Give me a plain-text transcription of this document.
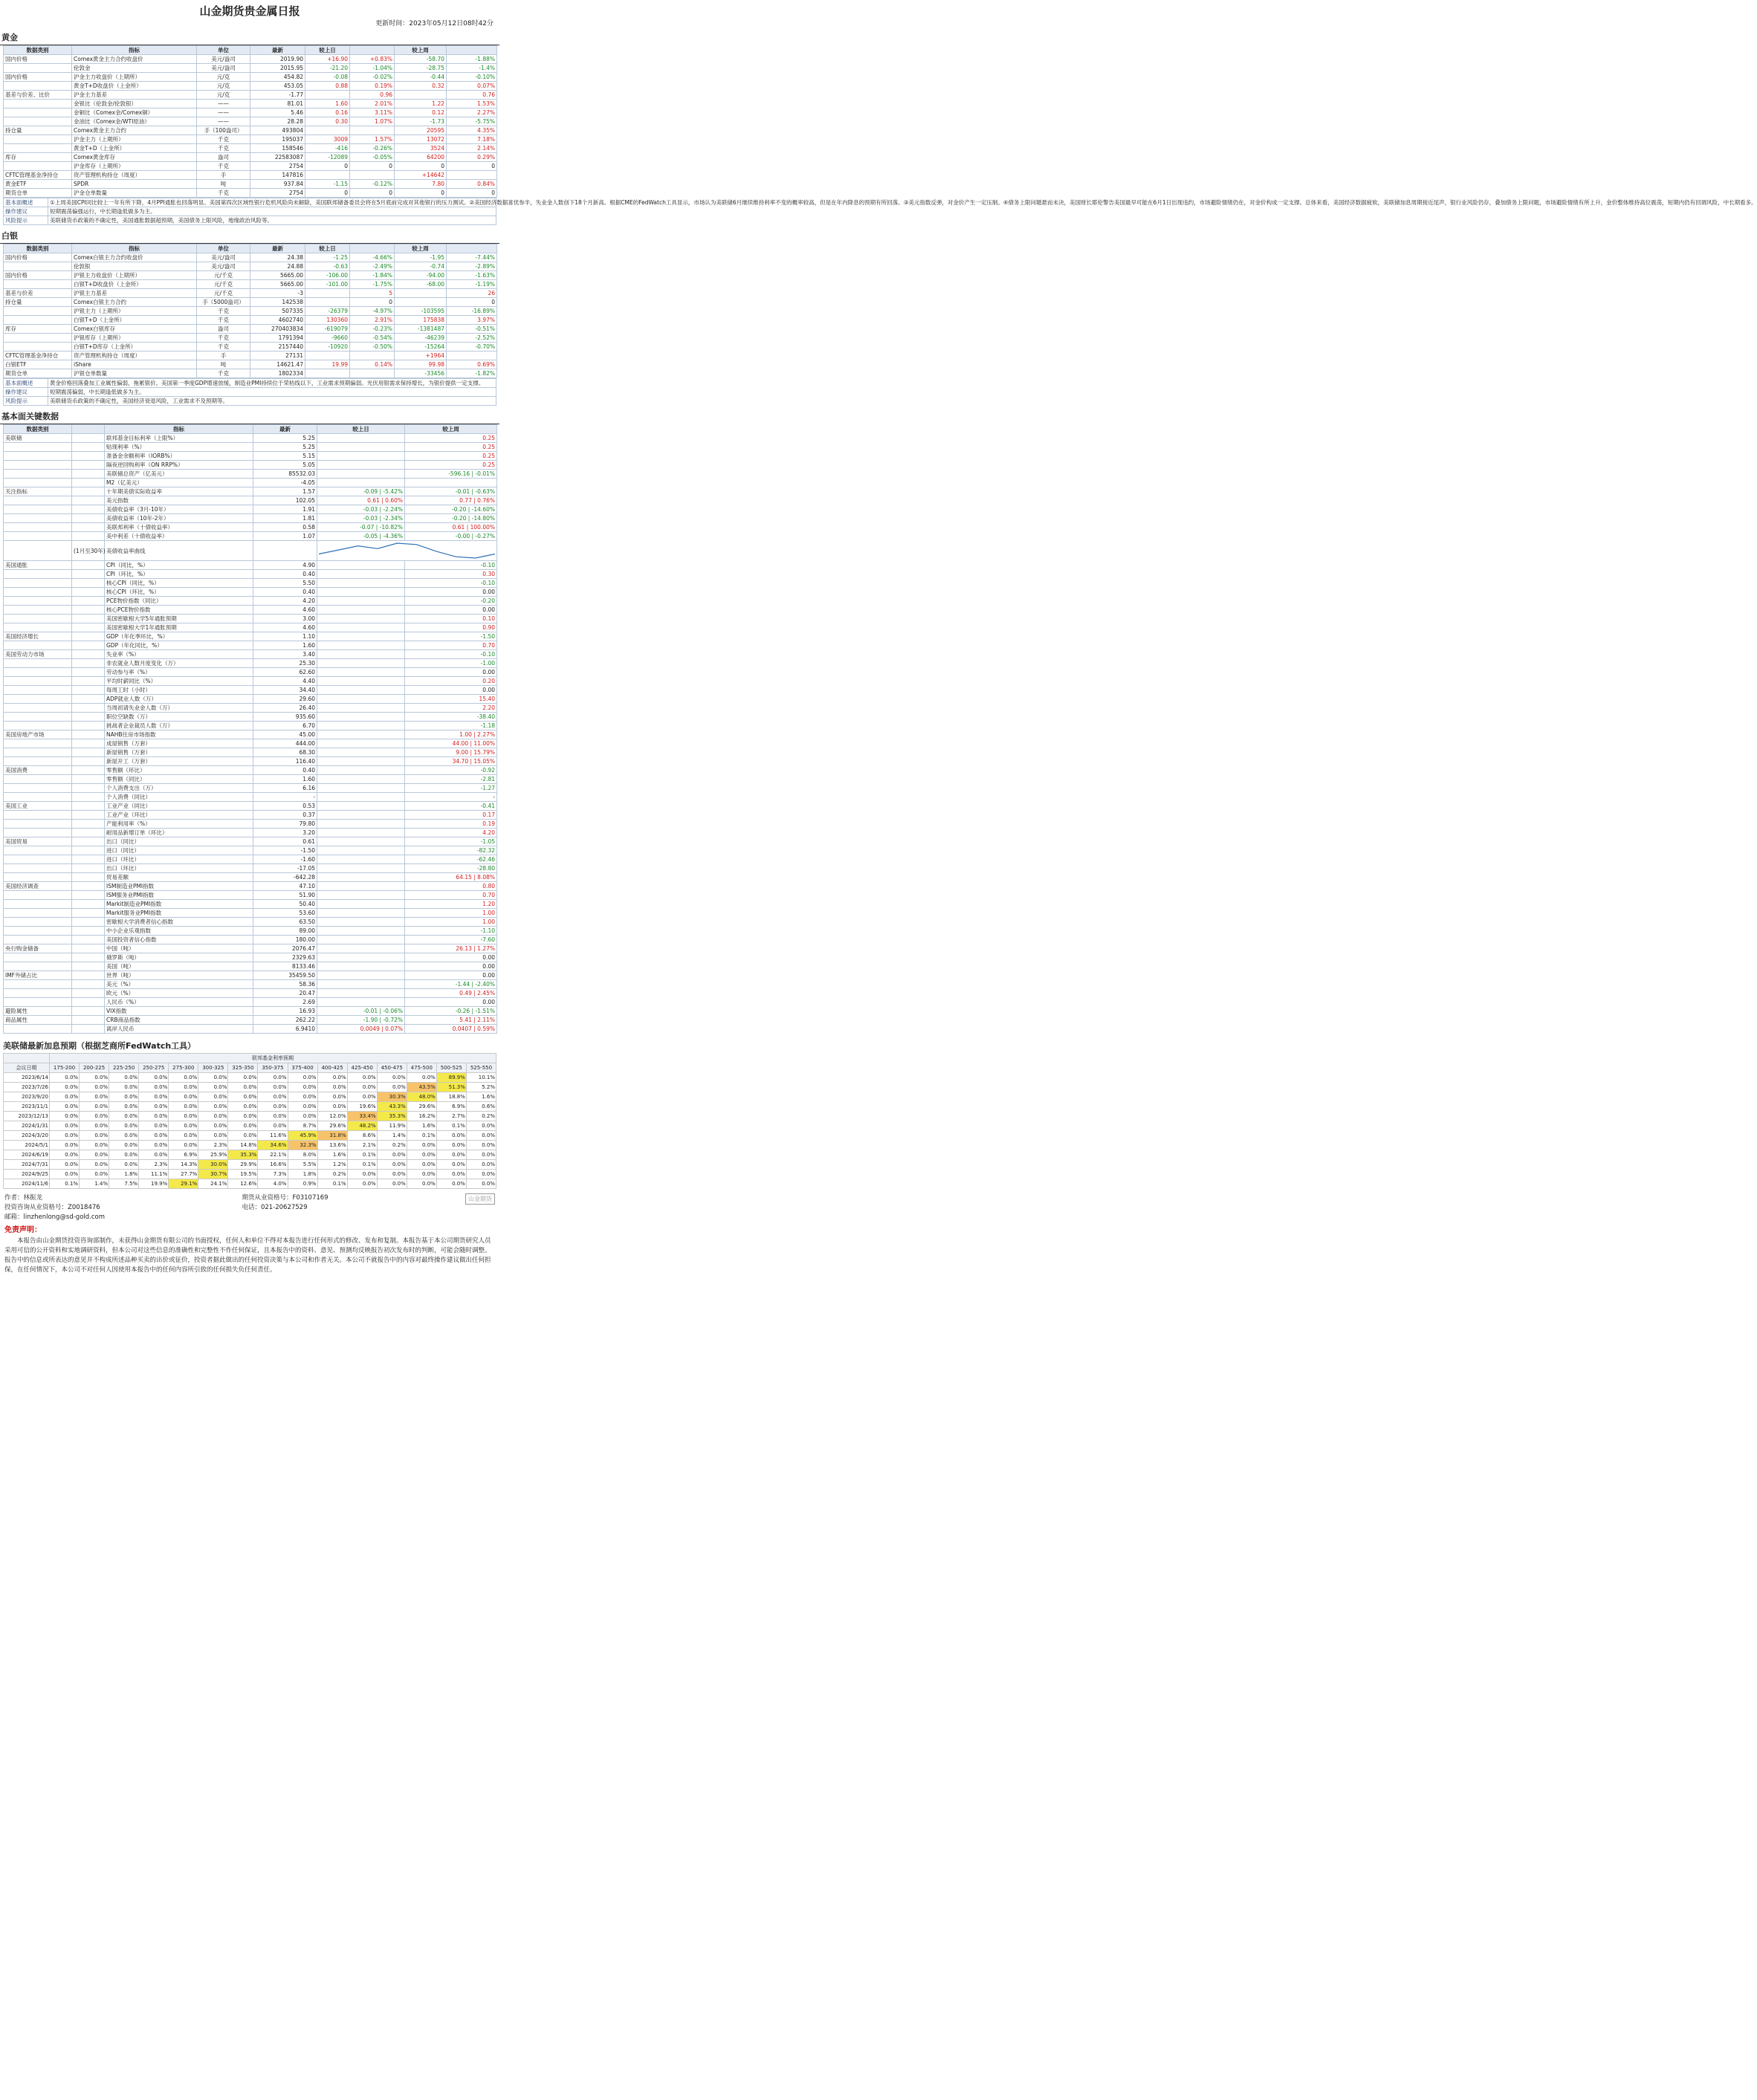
山金期货贵金属日报
更新时间：2023年05月12日08时42分
黄金
数据类别	指标	单位	最新	较上日		较上周	
国内价格	Comex黄金主力合约收盘价	美元/盎司	2019.90	+16.90	+0.83%	-58.70	-1.88%
	伦敦金	美元/盎司	2015.95	-21.20	-1.04%	-28.75	-1.4%
国内价格	沪金主力收盘价（上期所）	元/克	454.82	-0.08	-0.02%	-0.44	-0.10%
	黄金T+D收盘价（上金所）	元/克	453.05	0.88	0.19%	0.32	0.07%
基差与价差、比价	沪金主力基差	元/克	-1.77		0.96		0.76
	金银比（伦敦金/伦敦银）	——	81.01	1.60	2.01%	1.22	1.53%
	金铜比（Comex金/Comex铜）	——	5.46	0.16	3.11%	0.12	2.27%
	金油比（Comex金/WTI原油）	——	28.28	0.30	1.07%	-1.73	-5.75%
持仓量	Comex黄金主力合约	手（100盎司）	493804			20595	4.35%
	沪金主力（上期所）	千克	195037	3009	1.57%	13072	7.18%
	黄金T+D（上金所）	千克	158546	-416	-0.26%	3524	2.14%
库存	Comex黄金库存	盎司	22583087	-12089	-0.05%	64200	0.29%
	沪金库存（上期所）	千克	2754	0	0	0	0
CFTC管理基金净持仓	资产管理机构持仓（周度）	手	147816			+14642	
黄金ETF	SPDR	吨	937.84	-1.15	-0.12%	7.80	0.84%
期货仓单	沪金仓单数量	千克	2754	0	0	0	0
基本面概述	①上周美国CPI同比较上一年有所下降，4月PPI通胀也回落明显。美国第四次区域性银行危机风险尚未解除，美国联邦储备委员会将在5月底前完成对其他银行的压力测试。②美国经济数据喜忧参半，失业金人数创下18个月新高。根据CME的FedWatch工具显示，市场认为美联储6月继续维持利率不变的概率较高，但是在年内降息的预期有所回落。③美元指数反弹，对金价产生一定压制。④债务上限问题悬而未决，美国财长耶伦警告美国最早可能在6月1日出现违约，市场避险情绪仍在，对金价构成一定支撑。总体来看，美国经济数据疲软，美联储加息周期接近尾声，银行业风险仍存，叠加债务上限问题，市场避险情绪有所上升，金价整体维持高位震荡，短期内仍有回调风险，中长期看多。
操作建议	短期震荡偏强运行，中长期逢低做多为主。
风险提示	美联储货币政策的不确定性，美国通胀数据超预期，美国债务上限风险，地缘政治风险等。
白银
数据类别	指标	单位	最新	较上日		较上周	
国内价格	Comex白银主力合约收盘价	美元/盎司	24.38	-1.25	-4.66%	-1.95	-7.44%
	伦敦银	美元/盎司	24.88	-0.63	-2.49%	-0.74	-2.89%
国内价格	沪银主力收盘价（上期所）	元/千克	5665.00	-106.00	-1.84%	-94.00	-1.63%
	白银T+D收盘价（上金所）	元/千克	5665.00	-101.00	-1.75%	-68.00	-1.19%
基差与价差	沪银主力基差	元/千克	-3		5		26
持仓量	Comex白银主力合约	手（5000盎司）	142538		0		0
	沪银主力（上期所）	千克	507335	-26379	-4.97%	-103595	-16.89%
	白银T+D（上金所）	千克	4602740	130360	2.91%	175838	3.97%
库存	Comex白银库存	盎司	270403834	-619079	-0.23%	-1381487	-0.51%
	沪银库存（上期所）	千克	1791394	-9660	-0.54%	-46239	-2.52%
	白银T+D库存（上金所）	千克	2157440	-10920	-0.50%	-15264	-0.70%
CFTC管理基金净持仓	资产管理机构持仓（周度）	手	27131			+1964	
白银ETF	iShare	吨	14621.47	19.99	0.14%	99.98	0.69%
期货仓单	沪银仓单数量	千克	1802334			-33456	-1.82%
基本面概述	黄金价格回落叠加工业属性偏弱，拖累银价。美国第一季度GDP增速放缓，制造业PMI持续位于荣枯线以下，工业需求预期偏弱。光伏用银需求保持增长，为银价提供一定支撑。
操作建议	短期震荡偏弱，中长期逢低做多为主。
风险提示	美联储货币政策的不确定性，美国经济衰退风险，工业需求不及预期等。
基本面关键数据
数据类别		指标	最新	较上日	较上周
美联储		联邦基金目标利率（上限%）	5.25		0.25
		贴现利率（%）	5.25		0.25
		准备金余额利率（IORB%）	5.15		0.25
		隔夜逆回购利率（ON RRP%）	5.05		0.25
		美联储总资产（亿美元）	85532.03		-596.16 | -0.01%
		M2（亿美元）	-4.05		
关注指标		十年期美债实际收益率	1.57	-0.09 | -5.42%	-0.01 | -0.63%
		美元指数	102.05	0.61 | 0.60%	0.77 | 0.76%
		美债收益率（3月-10年）	1.91	-0.03 | -2.24%	-0.20 | -14.60%
		美债收益率（10年-2年）	1.81	-0.03 | -2.34%	-0.20 | -14.80%
		美联邦利率（十债收益率）	0.58	-0.07 | -10.82%	0.61 | 100.00%
		美中利差（十债收益率）	1.07	-0.05 | -4.36%	-0.00 | -0.27%
	(1月至30年)	美债收益率曲线		

美国通胀		CPI（同比，%）	4.90		-0.10
		CPI（环比，%）	0.40		0.30
		核心CPI（同比，%）	5.50		-0.10
		核心CPI（环比，%）	0.40		0.00
		PCE物价指数（同比）	4.20		-0.20
		核心PCE物价指数	4.60		0.00
		美国密歇根大学5年通胀预期	3.00		0.10
		美国密歇根大学1年通胀预期	4.60		0.90
美国经济增长		GDP（年化季环比，%）	1.10		-1.50
		GDP（年化同比，%）	1.60		0.70
美国劳动力市场		失业率（%）	3.40		-0.10
		非农就业人数月度变化（万）	25.30		-1.00
		劳动参与率（%）	62.60		0.00
		平均时薪同比（%）	4.40		0.20
		每周工时（小时）	34.40		0.00
		ADP就业人数（万）	29.60		15.40
		当周初请失业金人数（万）	26.40		2.20
		职位空缺数（万）	935.60		-38.40
		挑战者企业裁员人数（万）	6.70		-1.18
美国房地产市场		NAHB住房市场指数	45.00		1.00 | 2.27%
		成屋销售（万套）	444.00		44.00 | 11.00%
		新屋销售（万套）	68.30		9.00 | 15.79%
		新屋开工（万套）	116.40		34.70 | 15.05%
美国消费		零售额（环比）	0.40		-0.92
		零售额（同比）	1.60		-2.81
		个人消费支出（万）	6.16		-1.27
		个人消费（同比）	-		-
美国工业		工业产业（同比）	0.53		-0.41
		工业产业（环比）	0.37		0.17
		产能利用率（%）	79.80		0.19
		耐用品新增订单（环比）	3.20		4.20
美国贸易		出口（同比）	0.61		-1.05
		进口（同比）	-1.50		-82.32
		进口（环比）	-1.60		-62.46
		出口（环比）	-17.05		-28.80
		贸易差额	-642.28		64.15 | 8.08%
美国经济调查		ISM制造业PMI指数	47.10		0.80
		ISM服务业PMI指数	51.90		0.70
		Markit制造业PMI指数	50.40		1.20
		Markit服务业PMI指数	53.60		1.00
		密歇根大学消费者信心指数	63.50		1.00
		中小企业乐观指数	89.00		-1.10
		美国投资者信心指数	180.00		-7.60
央行购金储备		中国（吨）	2076.47		26.13 | 1.27%
		俄罗斯（吨）	2329.63		0.00
		美国（吨）	8133.46		0.00
IMF外储占比		世界（吨）	35459.50		0.00
		美元（%）	58.36		-1.44 | -2.40%
		欧元（%）	20.47		0.49 | 2.45%
		人民币（%）	2.69		0.00
避险属性		VIX指数	16.93	-0.01 | -0.06%	-0.26 | -1.51%
商品属性		CRB商品指数	262.22	-1.90 | -0.72%	5.41 | 2.11%
		离岸人民币	6.9410	0.0049 | 0.07%	0.0407 | 0.59%
美联储最新加息预期（根据芝商所FedWatch工具）
	联邦基金利率预期														
会议日期	175-200	200-225	225-250	250-275	275-300	300-325	325-350	350-375	375-400	400-425	425-450	450-475	475-500	500-525	525-550
2023/6/14	0.0%	0.0%	0.0%	0.0%	0.0%	0.0%	0.0%	0.0%	0.0%	0.0%	0.0%	0.0%	0.0%	89.9%	10.1%
2023/7/26	0.0%	0.0%	0.0%	0.0%	0.0%	0.0%	0.0%	0.0%	0.0%	0.0%	0.0%	0.0%	43.5%	51.3%	5.2%
2023/9/20	0.0%	0.0%	0.0%	0.0%	0.0%	0.0%	0.0%	0.0%	0.0%	0.0%	0.0%	30.3%	48.0%	18.8%	1.6%
2023/11/1	0.0%	0.0%	0.0%	0.0%	0.0%	0.0%	0.0%	0.0%	0.0%	0.0%	19.6%	43.3%	29.6%	6.9%	0.6%
2023/12/13	0.0%	0.0%	0.0%	0.0%	0.0%	0.0%	0.0%	0.0%	0.0%	12.0%	33.4%	35.3%	16.2%	2.7%	0.2%
2024/1/31	0.0%	0.0%	0.0%	0.0%	0.0%	0.0%	0.0%	0.0%	8.7%	29.6%	48.2%	11.9%	1.6%	0.1%	0.0%
2024/3/20	0.0%	0.0%	0.0%	0.0%	0.0%	0.0%	0.0%	11.6%	45.9%	31.8%	8.6%	1.4%	0.1%	0.0%	0.0%
2024/5/1	0.0%	0.0%	0.0%	0.0%	0.0%	2.3%	14.8%	34.6%	32.3%	13.6%	2.1%	0.2%	0.0%	0.0%	0.0%
2024/6/19	0.0%	0.0%	0.0%	0.0%	6.9%	25.9%	35.3%	22.1%	8.0%	1.6%	0.1%	0.0%	0.0%	0.0%	0.0%
2024/7/31	0.0%	0.0%	0.0%	2.3%	14.3%	30.0%	29.9%	16.6%	5.5%	1.2%	0.1%	0.0%	0.0%	0.0%	0.0%
2024/9/25	0.0%	0.0%	1.8%	11.1%	27.7%	30.7%	19.5%	7.3%	1.8%	0.2%	0.0%	0.0%	0.0%	0.0%	0.0%
2024/11/6	0.1%	1.4%	7.5%	19.9%	29.1%	24.1%	12.6%	4.0%	0.9%	0.1%	0.0%	0.0%	0.0%	0.0%	0.0%
作者：林振龙
投资咨询从业资格号：Z0018476
邮箱：linzhenlong@sd-gold.com
期货从业资格号：F03107169
电话：021-20627529
山金期货
免责声明：
本报告由山金期货投资咨询部制作，未获得山金期货有限公司的书面授权，任何人和单位不得对本报告进行任何形式的修改、发布和复制。本报告基于本公司期货研究人员采用可信的公开资料和实地调研资料，但本公司对这些信息的准确性和完整性不作任何保证，且本报告中的资料、意见、预测均反映报告初次发布时的判断，可能会随时调整。报告中的信息或所表达的意见并不构成所述品种买卖的出价或征价，投资者据此做出的任何投资决策与本公司和作者无关。本公司不就报告中的内容对最终操作建议做出任何担保，在任何情况下，本公司不对任何人因使用本报告中的任何内容所引致的任何损失负任何责任。
